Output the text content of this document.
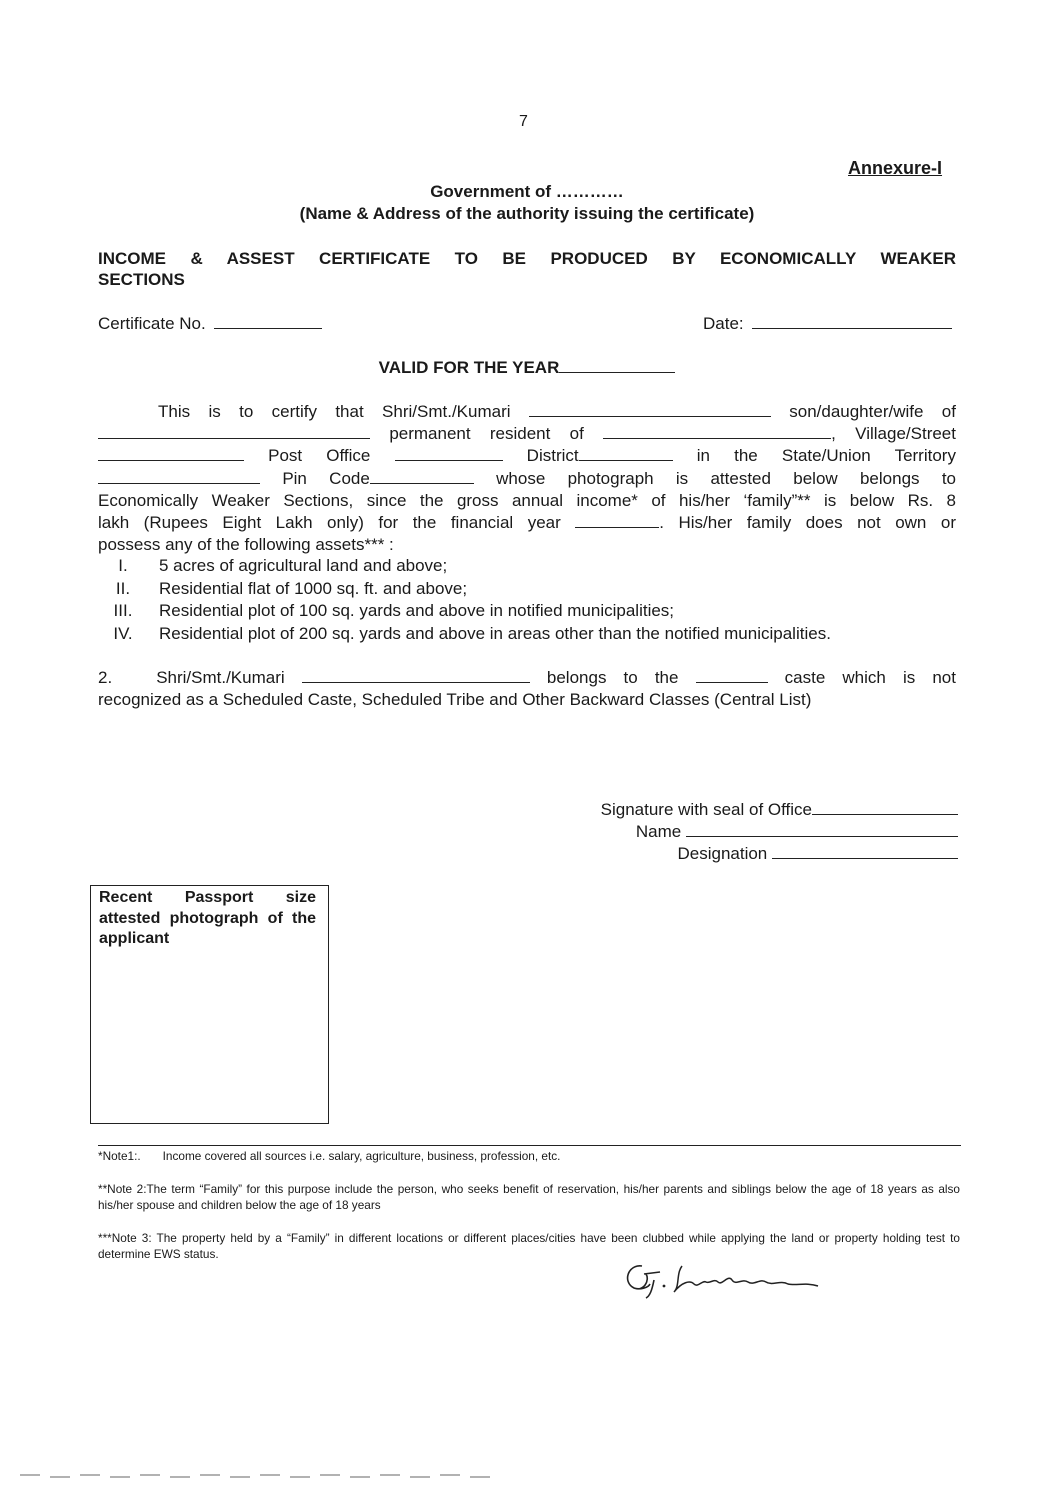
7
Annexure-I
Government of …………
(Name & Address of the authority issuing the certificate)
INCOME & ASSEST CERTIFICATE TO BE PRODUCED BY ECONOMICALLY WEAKER
SECTIONS
Certificate No.	Date:
VALID FOR THE YEAR

This is to certify that Shri/Smt./Kumari	son/daughter/wife of

permanent resident of	, Village/Street

Post Office	District	in the State/Union Territory

Pin Code	whose photograph is attested below belongs to

Economically Weaker Sections, since the gross annual income* of his/her ‘family”** is below Rs. 8

lakh (Rupees Eight Lakh only) for the financial year	. His/her family does not own or

possess any of the following assets*** :

I.	5 acres of agricultural land and above;
II.	Residential flat of 1000 sq. ft. and above;
III.	Residential plot of 100 sq. yards and above in notified municipalities;
IV.	Residential plot of 200 sq. yards and above in areas other than the notified municipalities.

2.	Shri/Smt./Kumari	belongs to the	caste which is not

recognized as a Scheduled Caste, Scheduled Tribe and Other Backward Classes (Central List)

Signature with seal of Office
Name
Designation

Recent Passport size attested photograph of the applicant

*Note1:. Income covered all sources i.e. salary, agriculture, business, profession, etc.

**Note 2:The term “Family” for this purpose include the person, who seeks benefit of reservation, his/her parents and siblings below the age of 18 years as also his/her spouse and children below the age of 18 years

***Note 3: The property held by a “Family” in different locations or different places/cities have been clubbed while applying the land or property holding test to determine EWS status.
